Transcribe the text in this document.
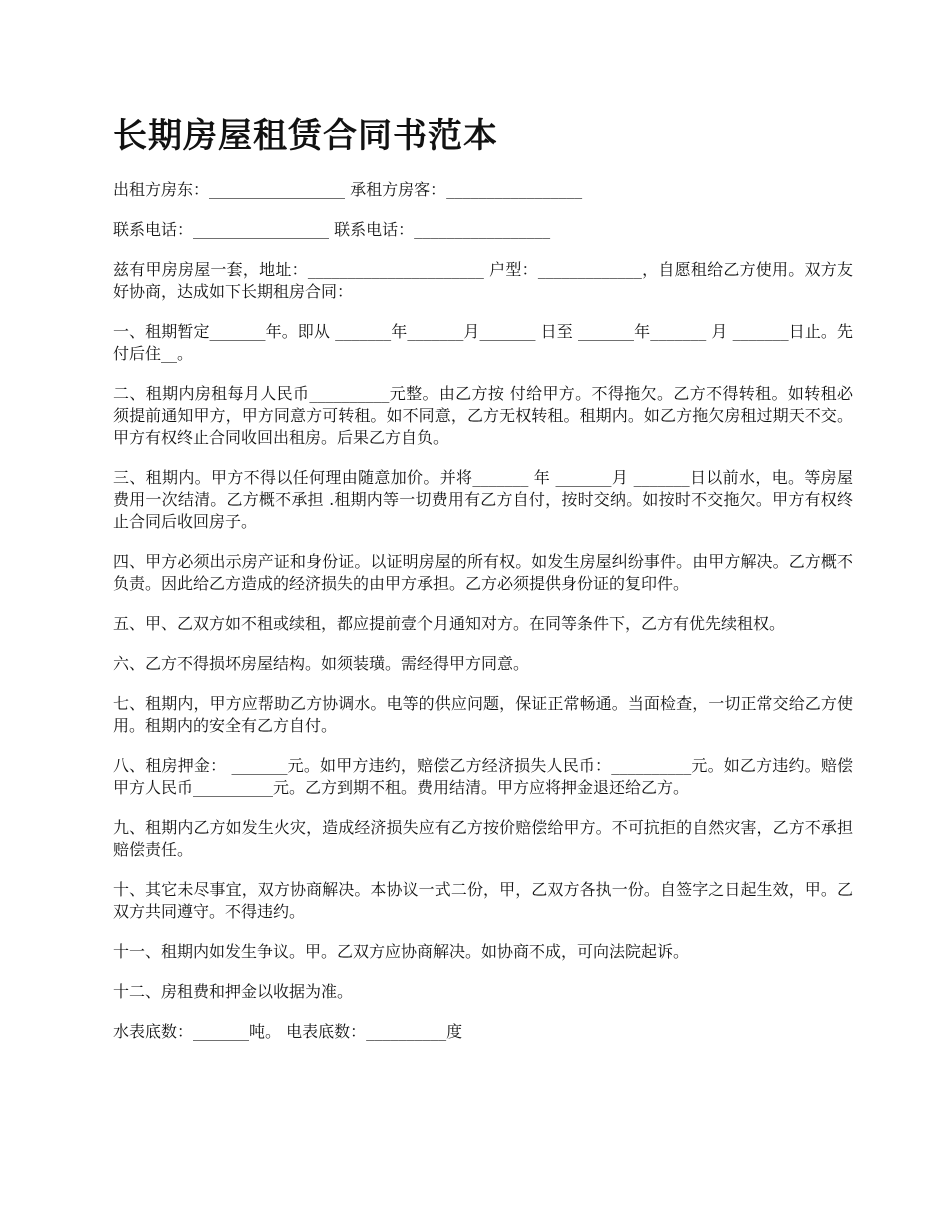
长期房屋租赁合同书范本

出租方房东：_________________ 承租方房客：_________________

联系电话：_________________ 联系电话：_________________

兹有甲房房屋一套，地址：______________________ 户型：_____________，自愿租给乙方使用。双方友好协商，达成如下长期租房合同：

一、租期暂定_______年。即从 _______年_______月_______ 日至 _______年_______ 月 _______日止。先付后住__。

二、租期内房租每月人民币__________元整。由乙方按 付给甲方。不得拖欠。乙方不得转租。如转租必须提前通知甲方，甲方同意方可转租。如不同意，乙方无权转租。租期内。如乙方拖欠房租过期天不交。甲方有权终止合同收回出租房。后果乙方自负。

三、租期内。甲方不得以任何理由随意加价。并将_______ 年 _______月 _______日以前水，电。等房屋费用一次结清。乙方概不承担 .租期内等一切费用有乙方自付，按时交纳。如按时不交拖欠。甲方有权终止合同后收回房子。

四、甲方必须出示房产证和身份证。以证明房屋的所有权。如发生房屋纠纷事件。由甲方解决。乙方概不负责。因此给乙方造成的经济损失的由甲方承担。乙方必须提供身份证的复印件。

五、甲、乙双方如不租或续租，都应提前壹个月通知对方。在同等条件下，乙方有优先续租权。

六、乙方不得损坏房屋结构。如须装璜。需经得甲方同意。

七、租期内，甲方应帮助乙方协调水。电等的供应问题，保证正常畅通。当面检查，一切正常交给乙方使用。租期内的安全有乙方自付。

八、租房押金： _______元。如甲方违约，赔偿乙方经济损失人民币：__________元。如乙方违约。赔偿甲方人民币__________元。乙方到期不租。费用结清。甲方应将押金退还给乙方。

九、租期内乙方如发生火灾，造成经济损失应有乙方按价赔偿给甲方。不可抗拒的自然灾害，乙方不承担赔偿责任。

十、其它未尽事宜，双方协商解决。本协议一式二份，甲，乙双方各执一份。自签字之日起生效，甲。乙双方共同遵守。不得违约。

十一、租期内如发生争议。甲。乙双方应协商解决。如协商不成，可向法院起诉。

十二、房租费和押金以收据为准。

水表底数：_______吨。 电表底数：__________度
